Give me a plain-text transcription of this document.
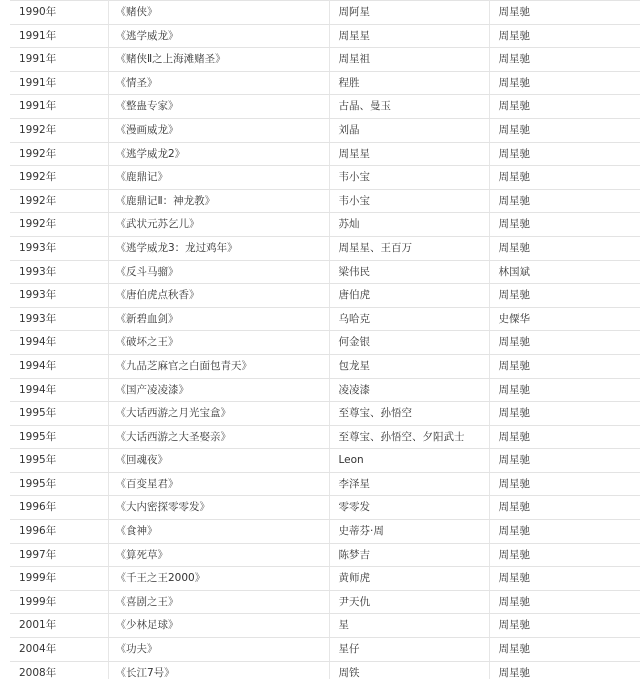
1990年	《赌侠》	周阿星	周星驰
1991年	《逃学威龙》	周星星	周星驰
1991年	《赌侠Ⅱ之上海滩赌圣》	周星祖	周星驰
1991年	《情圣》	程胜	周星驰
1991年	《整蛊专家》	古晶、曼玉	周星驰
1992年	《漫画威龙》	刘晶	周星驰
1992年	《逃学威龙2》	周星星	周星驰
1992年	《鹿鼎记》	韦小宝	周星驰
1992年	《鹿鼎记Ⅱ：神龙教》	韦小宝	周星驰
1992年	《武状元苏乞儿》	苏灿	周星驰
1993年	《逃学威龙3：龙过鸡年》	周星星、王百万	周星驰
1993年	《反斗马骝》	梁伟民	林国斌
1993年	《唐伯虎点秋香》	唐伯虎	周星驰
1993年	《新碧血剑》	乌哈克	史僳华
1994年	《破坏之王》	何金银	周星驰
1994年	《九品芝麻官之白面包青天》	包龙星	周星驰
1994年	《国产凌凌漆》	凌凌漆	周星驰
1995年	《大话西游之月光宝盒》	至尊宝、孙悟空	周星驰
1995年	《大话西游之大圣娶亲》	至尊宝、孙悟空、夕阳武士	周星驰
1995年	《回魂夜》	Leon	周星驰
1995年	《百变星君》	李泽星	周星驰
1996年	《大内密探零零发》	零零发	周星驰
1996年	《食神》	史蒂芬·周	周星驰
1997年	《算死草》	陈梦吉	周星驰
1999年	《千王之王2000》	黄师虎	周星驰
1999年	《喜剧之王》	尹天仇	周星驰
2001年	《少林足球》	星	周星驰
2004年	《功夫》	星仔	周星驰
2008年	《长江7号》	周铁	周星驰
